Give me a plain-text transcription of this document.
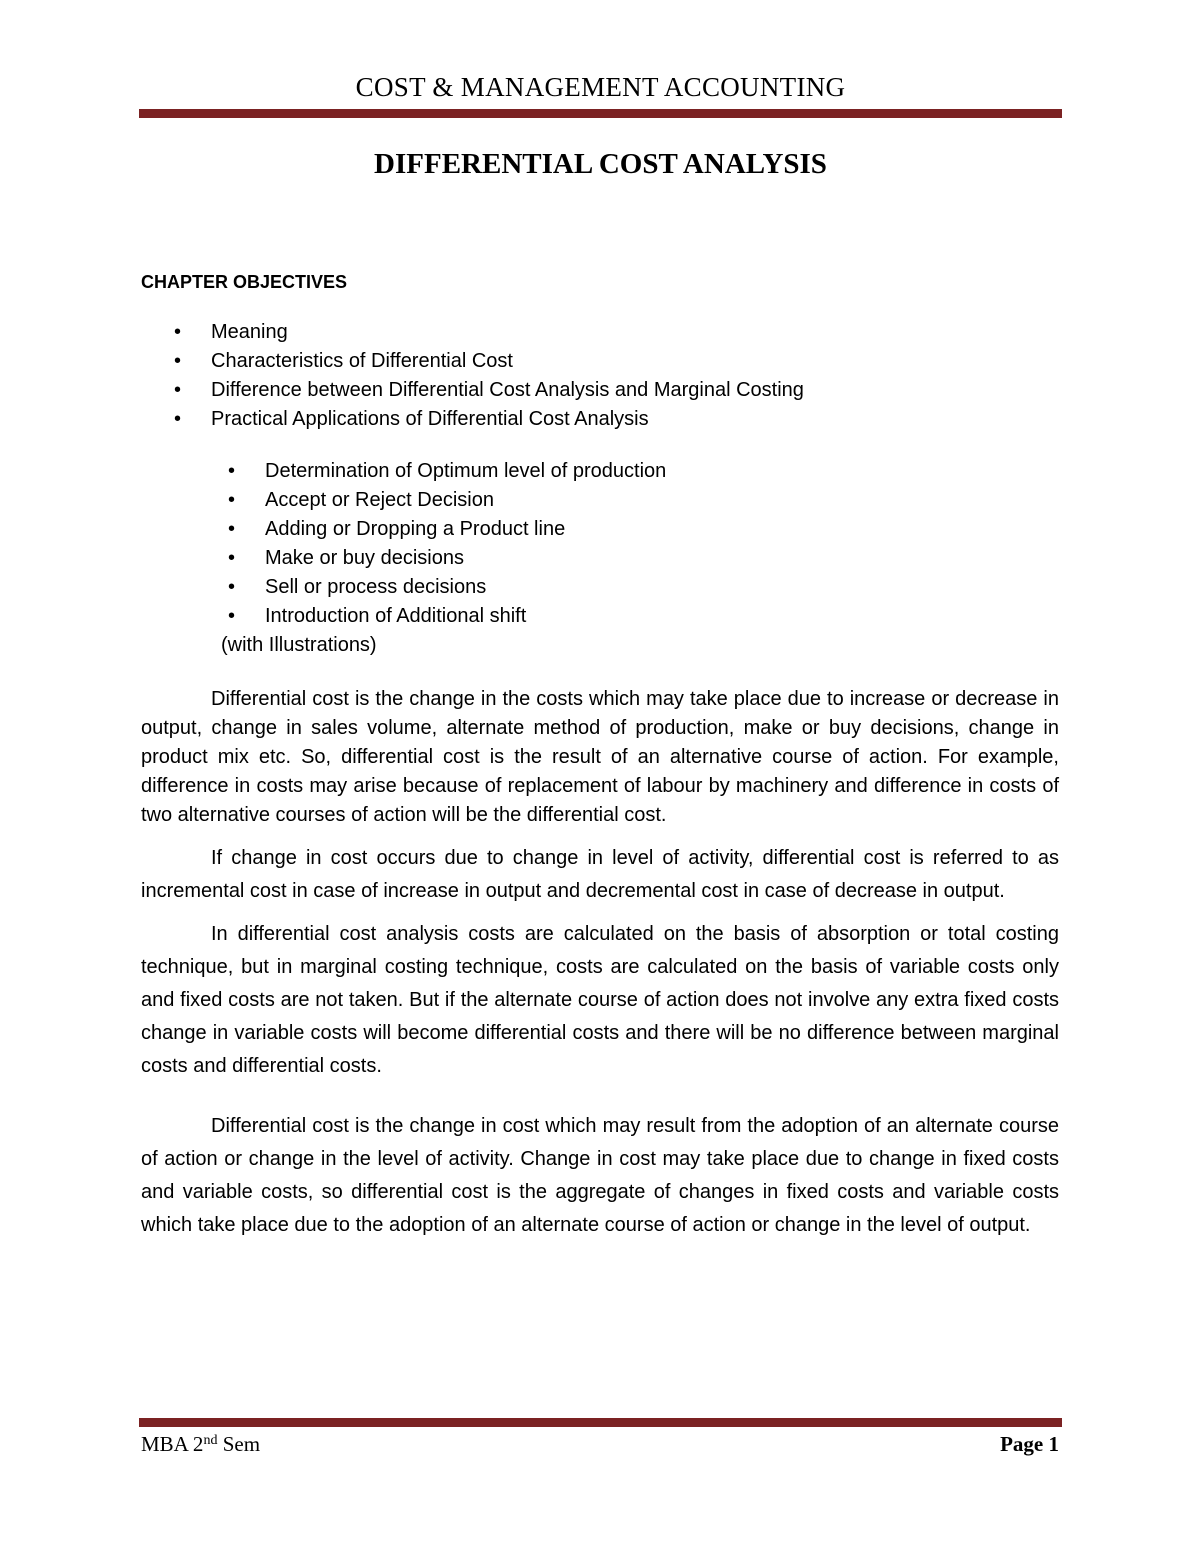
COST & MANAGEMENT ACCOUNTING
DIFFERENTIAL COST ANALYSIS
CHAPTER OBJECTIVES
• Meaning
• Characteristics of Differential Cost
• Difference between Differential Cost Analysis and Marginal Costing
• Practical Applications of Differential Cost Analysis
• Determination of Optimum level of production
• Accept or Reject Decision
• Adding or Dropping a Product line
• Make or buy decisions
• Sell or process decisions
• Introduction of Additional shift
(with Illustrations)

Differential cost is the change in the costs which may take place due to increase or decrease in output, change in sales volume, alternate method of production, make or buy decisions, change in product mix etc. So, differential cost is the result of an alternative course of action. For example, difference in costs may arise because of replacement of labour by machinery and difference in costs of two alternative courses of action will be the differential cost.

If change in cost occurs due to change in level of activity, differential cost is referred to as incremental cost in case of increase in output and decremental cost in case of decrease in output.

In differential cost analysis costs are calculated on the basis of absorption or total costing technique, but in marginal costing technique, costs are calculated on the basis of variable costs only and fixed costs are not taken. But if the alternate course of action does not involve any extra fixed costs change in variable costs will become differential costs and there will be no difference between marginal costs and differential costs.

Differential cost is the change in cost which may result from the adoption of an alternate course of action or change in the level of activity. Change in cost may take place due to change in fixed costs and variable costs, so differential cost is the aggregate of changes in fixed costs and variable costs which take place due to the adoption of an alternate course of action or change in the level of output.

MBA 2nd Sem	Page 1
